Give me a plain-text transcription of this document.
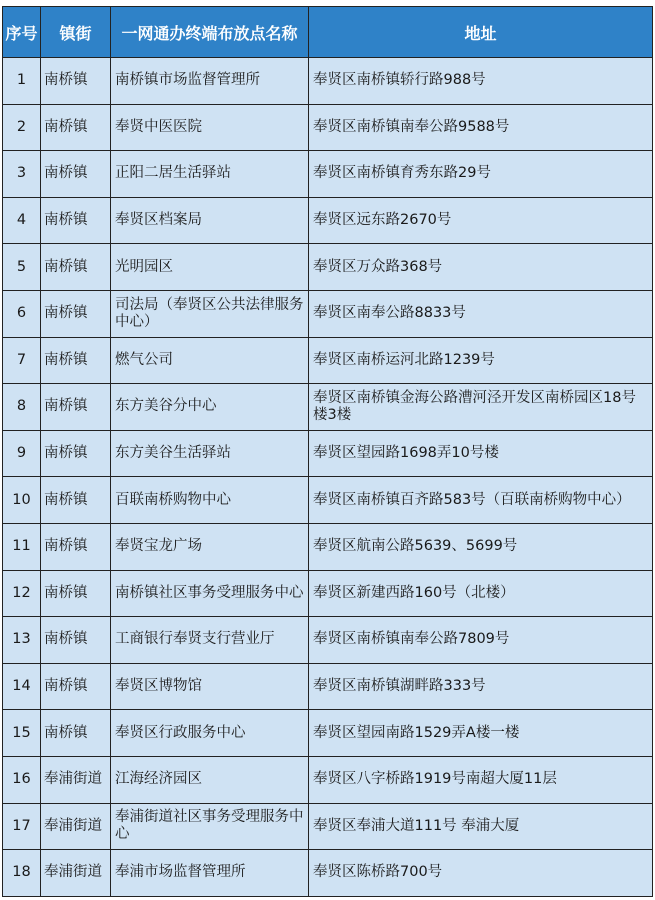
序号	镇街	一网通办终端布放点名称	地址
1	南桥镇	南桥镇市场监督管理所	奉贤区南桥镇轿行路988号
2	南桥镇	奉贤中医医院	奉贤区南桥镇南奉公路9588号
3	南桥镇	正阳二居生活驿站	奉贤区南桥镇育秀东路29号
4	南桥镇	奉贤区档案局	奉贤区远东路2670号
5	南桥镇	光明园区	奉贤区万众路368号
6	南桥镇	司法局（奉贤区公共法律服务中心）	奉贤区南奉公路8833号
7	南桥镇	燃气公司	奉贤区南桥运河北路1239号
8	南桥镇	东方美谷分中心	奉贤区南桥镇金海公路漕河泾开发区南桥园区18号楼3楼
9	南桥镇	东方美谷生活驿站	奉贤区望园路1698弄10号楼
10	南桥镇	百联南桥购物中心	奉贤区南桥镇百齐路583号（百联南桥购物中心）
11	南桥镇	奉贤宝龙广场	奉贤区航南公路5639、5699号
12	南桥镇	南桥镇社区事务受理服务中心	奉贤区新建西路160号（北楼）
13	南桥镇	工商银行奉贤支行营业厅	奉贤区南桥镇南奉公路7809号
14	南桥镇	奉贤区博物馆	奉贤区南桥镇湖畔路333号
15	南桥镇	奉贤区行政服务中心	奉贤区望园南路1529弄A楼一楼
16	奉浦街道	江海经济园区	奉贤区八字桥路1919号南超大厦11层
17	奉浦街道	奉浦街道社区事务受理服务中心	奉贤区奉浦大道111号 奉浦大厦
18	奉浦街道	奉浦市场监督管理所	奉贤区陈桥路700号
